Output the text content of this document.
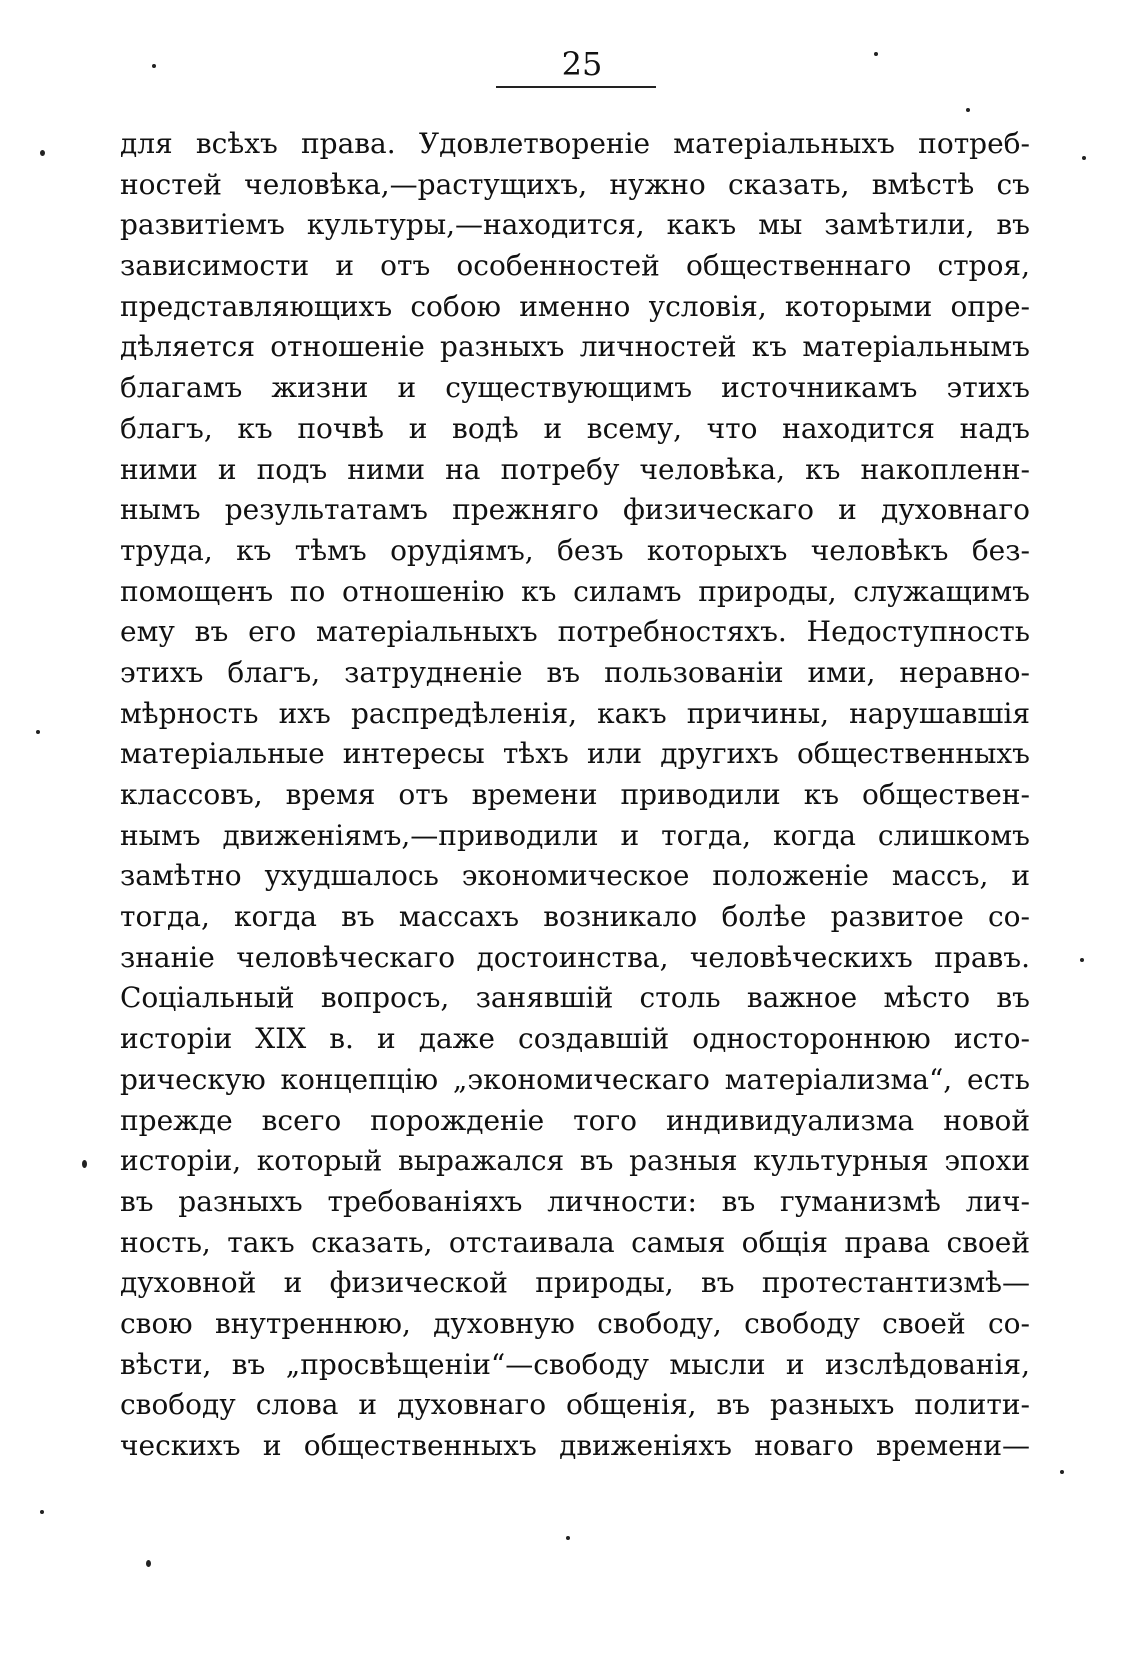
25
для всѣхъ права. Удовлетвореніе матеріальныхъ потреб-
ностей человѣка,—растущихъ, нужно сказать, вмѣстѣ съ
развитіемъ культуры,—находится, какъ мы замѣтили, въ
зависимости и отъ особенностей общественнаго строя,
представляющихъ собою именно условія, которыми опре-
дѣляется отношеніе разныхъ личностей къ матеріальнымъ
благамъ жизни и существующимъ источникамъ этихъ
благъ, къ почвѣ и водѣ и всему, что находится надъ
ними и подъ ними на потребу человѣка, къ накопленн-
нымъ результатамъ прежняго физическаго и духовнаго
труда, къ тѣмъ орудіямъ, безъ которыхъ человѣкъ без-
помощенъ по отношенію къ силамъ природы, служащимъ
ему въ его матеріальныхъ потребностяхъ. Недоступность
этихъ благъ, затрудненіе въ пользованіи ими, неравно-
мѣрность ихъ распредѣленія, какъ причины, нарушавшія
матеріальные интересы тѣхъ или другихъ общественныхъ
классовъ, время отъ времени приводили къ обществен-
нымъ движеніямъ,—приводили и тогда, когда слишкомъ
замѣтно ухудшалось экономическое положеніе массъ, и
тогда, когда въ массахъ возникало болѣе развитое со-
знаніе человѣческаго достоинства, человѣческихъ правъ.
Соціальный вопросъ, занявшій столь важное мѣсто въ
исторіи XIX в. и даже создавшій одностороннюю исто-
рическую концепцію „экономическаго матеріализма“, есть
прежде всего порожденіе того индивидуализма новой
исторіи, который выражался въ разныя культурныя эпохи
въ разныхъ требованіяхъ личности: въ гуманизмѣ лич-
ность, такъ сказать, отстаивала самыя общія права своей
духовной и физической природы, въ протестантизмѣ—
свою внутреннюю, духовную свободу, свободу своей со-
вѣсти, въ „просвѣщеніи“—свободу мысли и изслѣдованія,
свободу слова и духовнаго общенія, въ разныхъ полити-
ческихъ и общественныхъ движеніяхъ новаго времени—
